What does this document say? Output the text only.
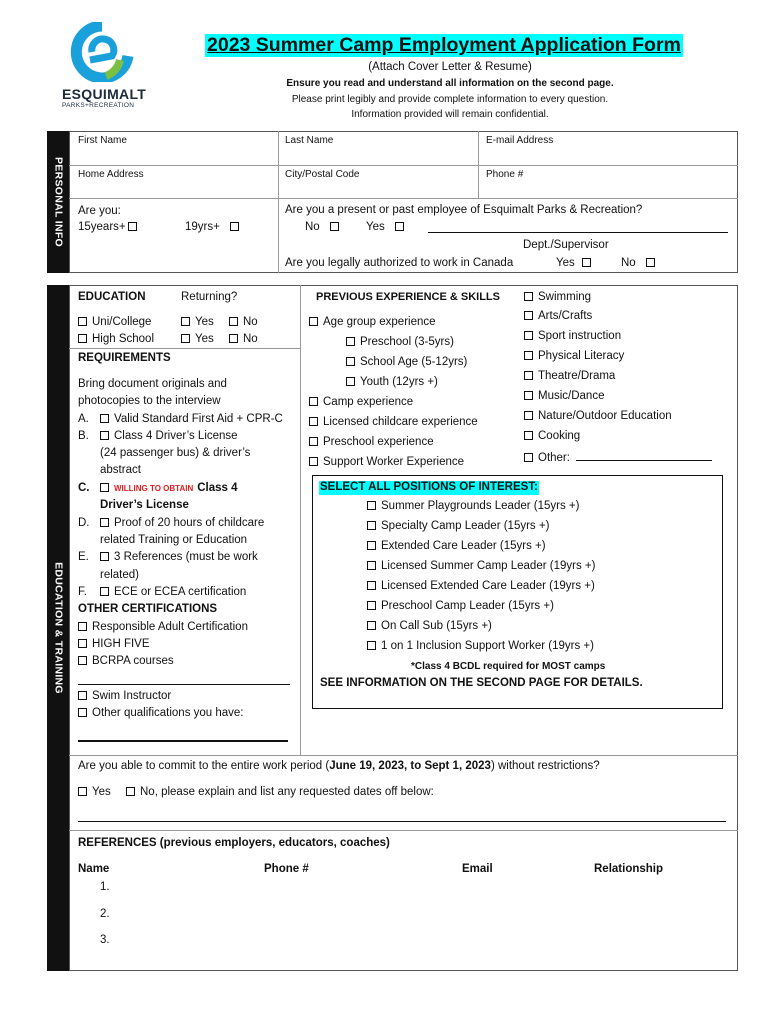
ESQUIMALT
PARKS+RECREATION
2023 Summer Camp Employment Application Form
(Attach Cover Letter & Resume)
Ensure you read and understand all information on the second page.
Please print legibly and provide complete information to every question.
Information provided will remain confidential.
PERSONAL INFO
First Name	Last Name	E-mail Address
Home Address	City/Postal Code	Phone #
Are you:
15years+	19yrs+
Are you a present or past employee of Esquimalt Parks & Recreation?
No	Yes
Dept./Supervisor
Are you legally authorized to work in Canada	Yes	No
EDUCATION & TRAINING
EDUCATION	Returning?
Uni/College	Yes	No
High School	Yes	No
REQUIREMENTS
Bring document originals and
photocopies to the interview
A. Valid Standard First Aid + CPR-C
B. Class 4 Driver’s License
(24 passenger bus) & driver’s
abstract
C.	WILLING TO OBTAIN Class 4
Driver’s License
D. Proof of 20 hours of childcare
related Training or Education
E. 3 References (must be work
related)
F. ECE or ECEA certification
OTHER CERTIFICATIONS
Responsible Adult Certification
HIGH FIVE
BCRPA courses
Swim Instructor
Other qualifications you have:
PREVIOUS EXPERIENCE & SKILLS
Age group experience
Preschool (3-5yrs)
School Age (5-12yrs)
Youth (12yrs +)
Camp experience
Licensed childcare experience
Preschool experience
Support Worker Experience
Swimming
Arts/Crafts
Sport instruction
Physical Literacy
Theatre/Drama
Music/Dance
Nature/Outdoor Education
Cooking
Other:
SELECT ALL POSITIONS OF INTEREST:
Summer Playgrounds Leader (15yrs +)
Specialty Camp Leader (15yrs +)
Extended Care Leader (15yrs +)
Licensed Summer Camp Leader (19yrs +)
Licensed Extended Care Leader (19yrs +)
Preschool Camp Leader (15yrs +)
On Call Sub (15yrs +)
1 on 1 Inclusion Support Worker (19yrs +)
*Class 4 BCDL required for MOST camps
SEE INFORMATION ON THE SECOND PAGE FOR DETAILS.
Are you able to commit to the entire work period (June 19, 2023, to Sept 1, 2023) without restrictions?
Yes	No, please explain and list any requested dates off below:
REFERENCES (previous employers, educators, coaches)
Name	Phone #	Email	Relationship
1.
2.
3.
